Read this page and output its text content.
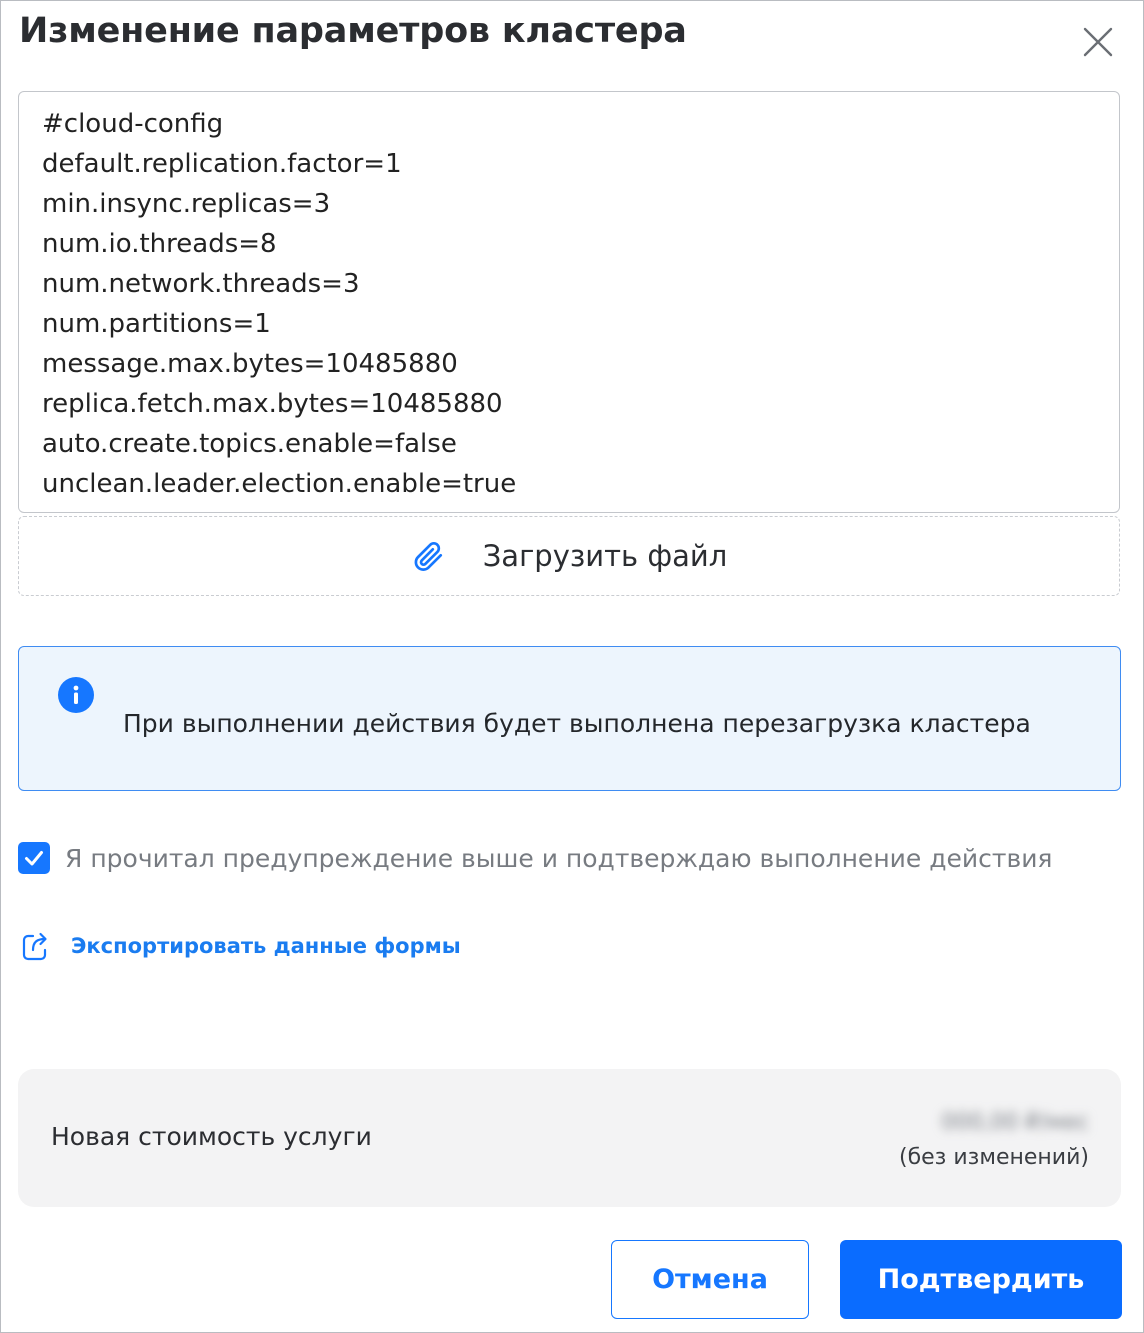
Изменение параметров кластера
#cloud-config
default.replication.factor=1
min.insync.replicas=3
num.io.threads=8
num.network.threads=3
num.partitions=1
message.max.bytes=10485880
replica.fetch.max.bytes=10485880
auto.create.topics.enable=false
unclean.leader.election.enable=true
Загрузить файл
При выполнении действия будет выполнена перезагрузка кластера
Я прочитал предупреждение выше и подтверждаю выполнение действия
Экспортировать данные формы
Новая стоимость услуги	000,00 ₽/мес
(без изменений)
Отмена	Подтвердить
